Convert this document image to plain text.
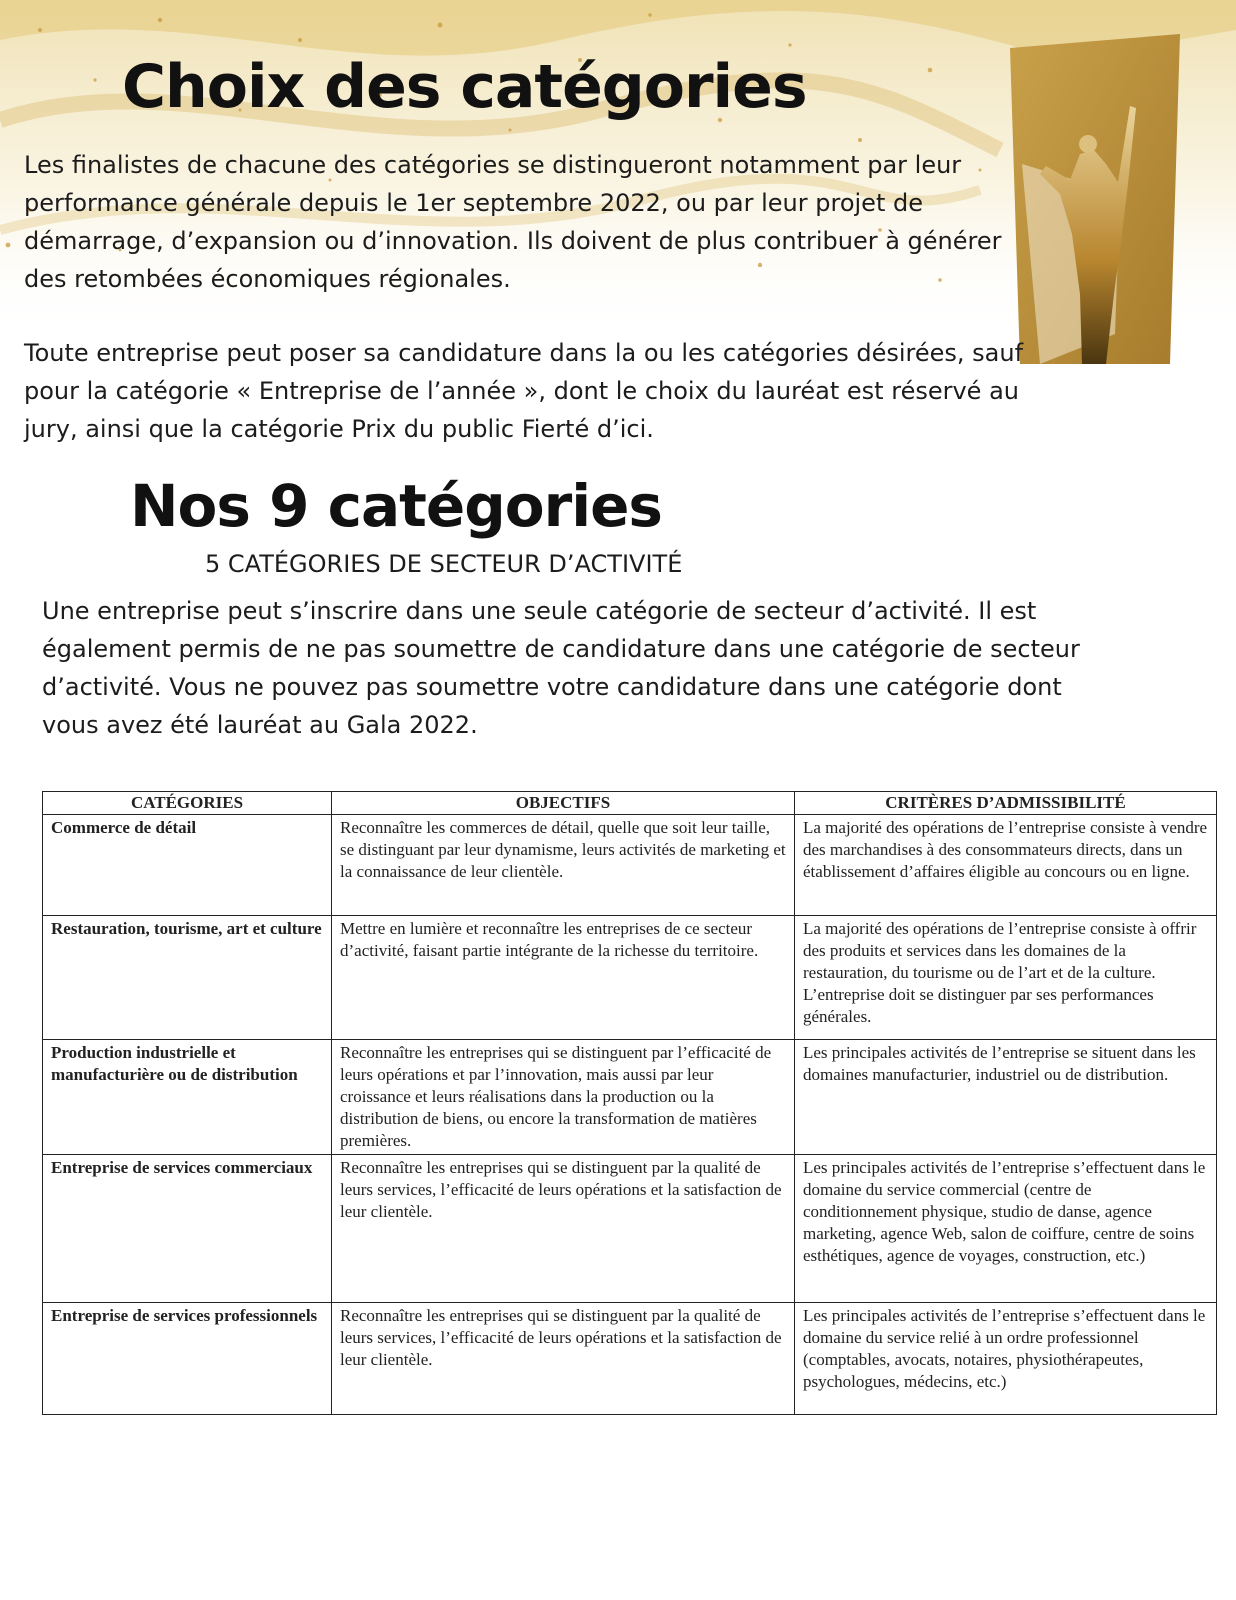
Choix des catégories

Les finalistes de chacune des catégories se distingueront notamment par leur performance générale depuis le 1er septembre 2022, ou par leur projet de démarrage, d’expansion ou d’innovation. Ils doivent de plus contribuer à générer des retombées économiques régionales.

Toute entreprise peut poser sa candidature dans la ou les catégories désirées, sauf pour la catégorie « Entreprise de l’année », dont le choix du lauréat est réservé au jury, ainsi que la catégorie Prix du public Fierté d’ici.

Nos 9 catégories

5 CATÉGORIES DE SECTEUR D’ACTIVITÉ

Une entreprise peut s’inscrire dans une seule catégorie de secteur d’activité. Il est également permis de ne pas soumettre de candidature dans une catégorie de secteur d’activité. Vous ne pouvez pas soumettre votre candidature dans une catégorie dont vous avez été lauréat au Gala 2022.

CATÉGORIES	OBJECTIFS	CRITÈRES D’ADMISSIBILITÉ
Commerce de détail	Reconnaître les commerces de détail, quelle que soit leur taille, se distinguant par leur dynamisme, leurs activités de marketing et la connaissance de leur clientèle.	La majorité des opérations de l’entreprise consiste à vendre des marchandises à des consommateurs directs, dans un établissement d’affaires éligible au concours ou en ligne.
Restauration, tourisme, art et culture	Mettre en lumière et reconnaître les entreprises de ce secteur d’activité, faisant partie intégrante de la richesse du territoire.	La majorité des opérations de l’entreprise consiste à offrir des produits et services dans les domaines de la restauration, du tourisme ou de l’art et de la culture. L’entreprise doit se distinguer par ses performances générales.
Production industrielle et manufacturière ou de distribution	Reconnaître les entreprises qui se distinguent par l’efficacité de leurs opérations et par l’innovation, mais aussi par leur croissance et leurs réalisations dans la production ou la distribution de biens, ou encore la transformation de matières premières.	Les principales activités de l’entreprise se situent dans les domaines manufacturier, industriel ou de distribution.
Entreprise de services commerciaux	Reconnaître les entreprises qui se distinguent par la qualité de leurs services, l’efficacité de leurs opérations et la satisfaction de leur clientèle.	Les principales activités de l’entreprise s’effectuent dans le domaine du service commercial (centre de conditionnement physique, studio de danse, agence marketing, agence Web, salon de coiffure, centre de soins esthétiques, agence de voyages, construction, etc.)
Entreprise de services professionnels	Reconnaître les entreprises qui se distinguent par la qualité de leurs services, l’efficacité de leurs opérations et la satisfaction de leur clientèle.	Les principales activités de l’entreprise s’effectuent dans le domaine du service relié à un ordre professionnel (comptables, avocats, notaires, physiothérapeutes, psychologues, médecins, etc.)
